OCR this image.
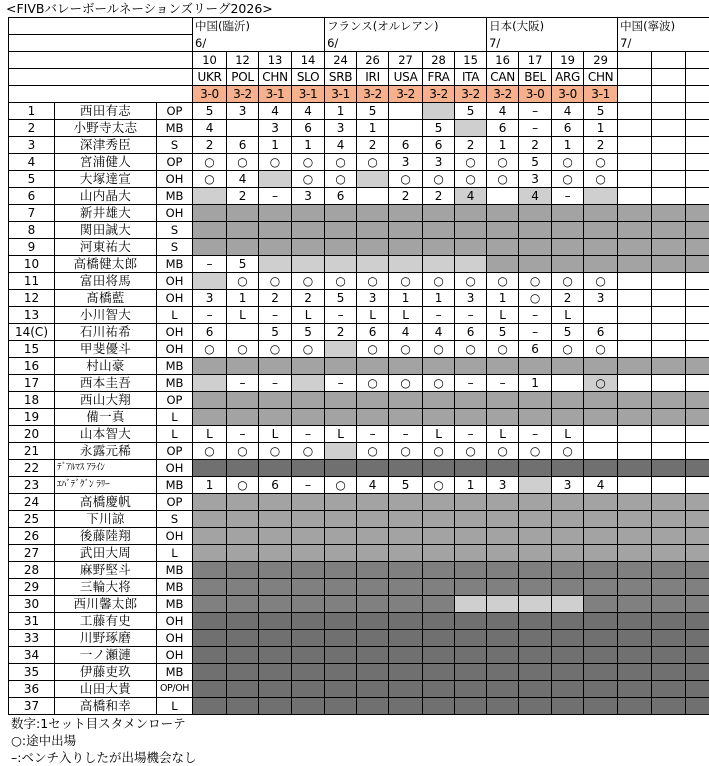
<FIVBバレーボールネーションズリーグ2026>
			中国(臨沂)				フランス(オルレアン)					日本(大阪)				中国(寧波)			
			6/				6/					7/				7/			
			10	12	13	14	24	26	27	28	15	16	17	19	29				
			UKR	POL	CHN	SLO	SRB	IRI	USA	FRA	ITA	CAN	BEL	ARG	CHN				
			3-0	3-2	3-1	3-1	3-1	3-2	3-2	3-2	3-2	3-2	3-0	3-0	3-1				
1	西田有志	OP	5	3	4	4	1	5			5	4	–	4	5				
2	小野寺太志	MB	4		3	6	3	1		5		6	–	6	1				
3	深津秀臣	S	2	6	1	1	4	2	6	6	2	1	2	1	2				
4	宮浦健人	OP	○	○	○	○	○	○	3	3	○	○	5	○	○				
5	大塚達宣	OH	○	4		○	○		○	○	○	○	3	○	○				
6	山内晶大	MB		2	–	3	6		2	2	4		4	–					
7	新井雄大	OH																	
8	関田誠大	S																	
9	河東祐大	S																	
10	高橋健太郎	MB	–	5															
11	富田将馬	OH		○	○	○	○	○	○	○	○	○	○	○	○				
12	髙橋藍	OH	3	1	2	2	5	3	1	1	3	1	○	2	3				
13	小川智大	L	–	L	–	L	–	L	L	–	–	L	–	L					
14(C)	石川祐希	OH	6		5	5	2	6	4	4	6	5	–	5	6				
15	甲斐優斗	OH	○	○	○	○		○	○	○	○	○	6	○	○				
16	村山豪	MB																	
17	西本圭吾	MB		–	–		–	○	○	○	–	–	1		○				
18	西山大翔	OP																	
19	備一真	L																	
20	山本智大	L	L	–	L	–	L	–	–	L	–	L	–	L					
21	永露元稀	OP	○	○	○	○		○	○	○	○	○	○	○					
22	ﾃﾞｱﾙﾏｽ ｱﾗｲﾝ	OH																	
23	ｴﾊﾞﾃﾞｸﾞﾝ ﾗﾘｰ	MB	1	○	6	–	○	4	5	○	1	3		3	4				
24	高橋慶帆	OP																	
25	下川諒	S																	
26	後藤陸翔	OH																	
27	武田大周	L																	
28	麻野堅斗	MB																	
29	三輪大将	MB																	
30	西川馨太郎	MB																	
31	工藤有史	OH																	
33	川野琢磨	OH																	
34	一ノ瀬漣	OH																	
35	伊藤吏玖	MB																	
36	山田大貴	OP/OH																	
37	高橋和幸	L																	
数字:1セット目スタメンローテ
○:途中出場
–:ベンチ入りしたが出場機会なし
